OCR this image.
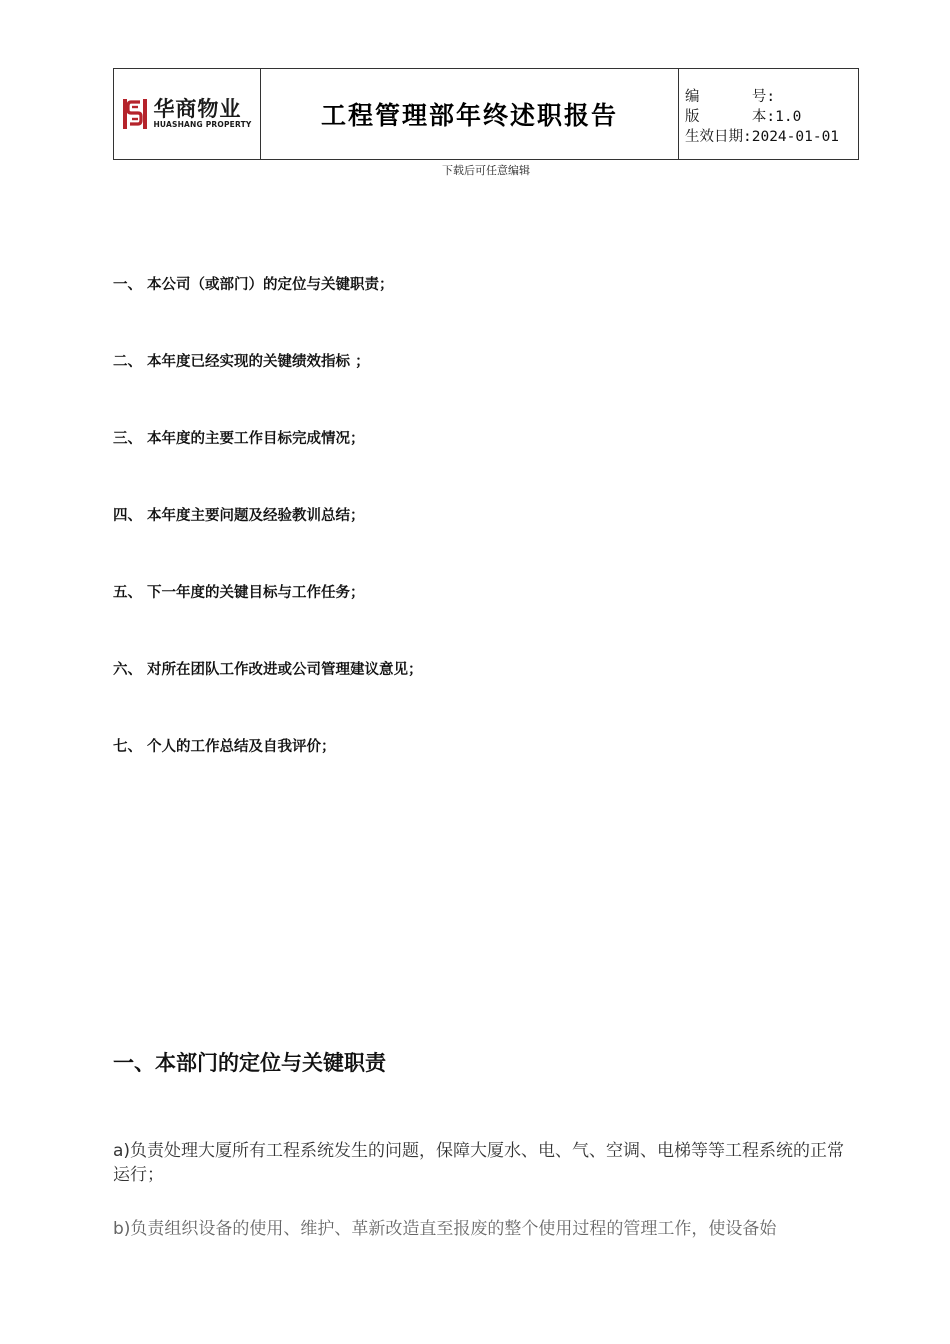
华商物业
HUASHANG PROPERTY	工程管理部年终述职报告
编      号:
版      本:1.0
生效日期:2024-01-01
下载后可任意编辑
一、 本公司（或部门）的定位与关键职责；
二、 本年度已经实现的关键绩效指标 ；
三、 本年度的主要工作目标完成情况；
四、 本年度主要问题及经验教训总结；
五、 下一年度的关键目标与工作任务；
六、 对所在团队工作改进或公司管理建议意见；
七、 个人的工作总结及自我评价；
一、本部门的定位与关键职责
a)负责处理大厦所有工程系统发生的问题，保障大厦水、电、气、空调、电梯等等工程系统的正常运行；
b)负责组织设备的使用、维护、革新改造直至报废的整个使用过程的管理工作，使设备始
